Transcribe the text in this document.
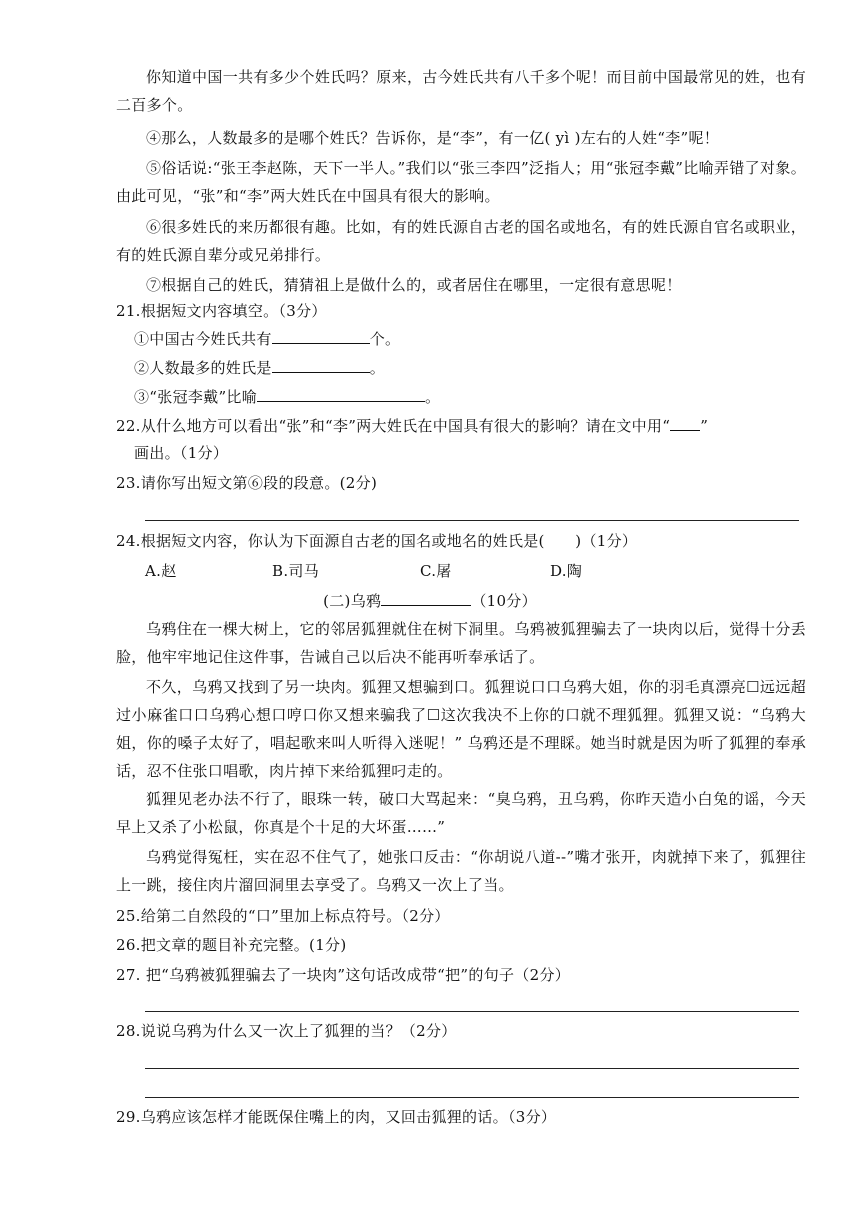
你知道中国一共有多少个姓氏吗？原来，古今姓氏共有八千多个呢！而目前中国最常见的姓，也有二百多个。

④那么，人数最多的是哪个姓氏？告诉你，是“李”，有一亿( yì )左右的人姓“李”呢！

⑤俗话说:“张王李赵陈，天下一半人。”我们以“张三李四”泛指人；用“张冠李戴”比喻弄错了对象。由此可见，“张”和“李”两大姓氏在中国具有很大的影响。

⑥很多姓氏的来历都很有趣。比如，有的姓氏源自古老的国名或地名，有的姓氏源自官名或职业，有的姓氏源自辈分或兄弟排行。

⑦根据自己的姓氏，猜猜祖上是做什么的，或者居住在哪里，一定很有意思呢！

21.根据短文内容填空。（3分）

①中国古今姓氏共有	个。

②人数最多的姓氏是	。

③“张冠李戴”比喻	。

22.从什么地方可以看出“张”和“李”两大姓氏在中国具有很大的影响？请在文中用“ ”

画出。（1分）

23.请你写出短文第⑥段的段意。(2分)

24.根据短文内容，你认为下面源自古老的国名或地名的姓氏是(　　)（1分）

A.赵	B.司马	C.屠	D.陶

(二)乌鸦	（10分）

乌鸦住在一棵大树上，它的邻居狐狸就住在树下洞里。乌鸦被狐狸骗去了一块肉以后，觉得十分丢脸，他牢牢地记住这件事，告诫自己以后决不能再听奉承话了。

不久，乌鸦又找到了另一块肉。狐狸又想骗到口。狐狸说口口乌鸦大姐，你的羽毛真漂亮☐远远超过小麻雀口口乌鸦心想口哼口你又想来骗我了☐这次我决不上你的口就不理狐狸。狐狸又说：“乌鸦大姐，你的嗓子太好了，唱起歌来叫人听得入迷呢！” 乌鸦还是不理睬。她当时就是因为听了狐狸的奉承话，忍不住张口唱歌，肉片掉下来给狐狸叼走的。

狐狸见老办法不行了，眼珠一转，破口大骂起来：“臭乌鸦，丑乌鸦，你昨天造小白兔的谣，今天早上又杀了小松鼠，你真是个十足的大坏蛋……”

乌鸦觉得冤枉，实在忍不住气了，她张口反击：“你胡说八道--”嘴才张开，肉就掉下来了，狐狸往上一跳，接住肉片溜回洞里去享受了。乌鸦又一次上了当。

25.给第二自然段的“口”里加上标点符号。（2分）

26.把文章的题目补充完整。(1分)

27. 把“乌鸦被狐狸骗去了一块肉”这句话改成带“把”的句子（2分）

28.说说乌鸦为什么又一次上了狐狸的当？（2分）

29.乌鸦应该怎样才能既保住嘴上的肉，又回击狐狸的话。（3分）
